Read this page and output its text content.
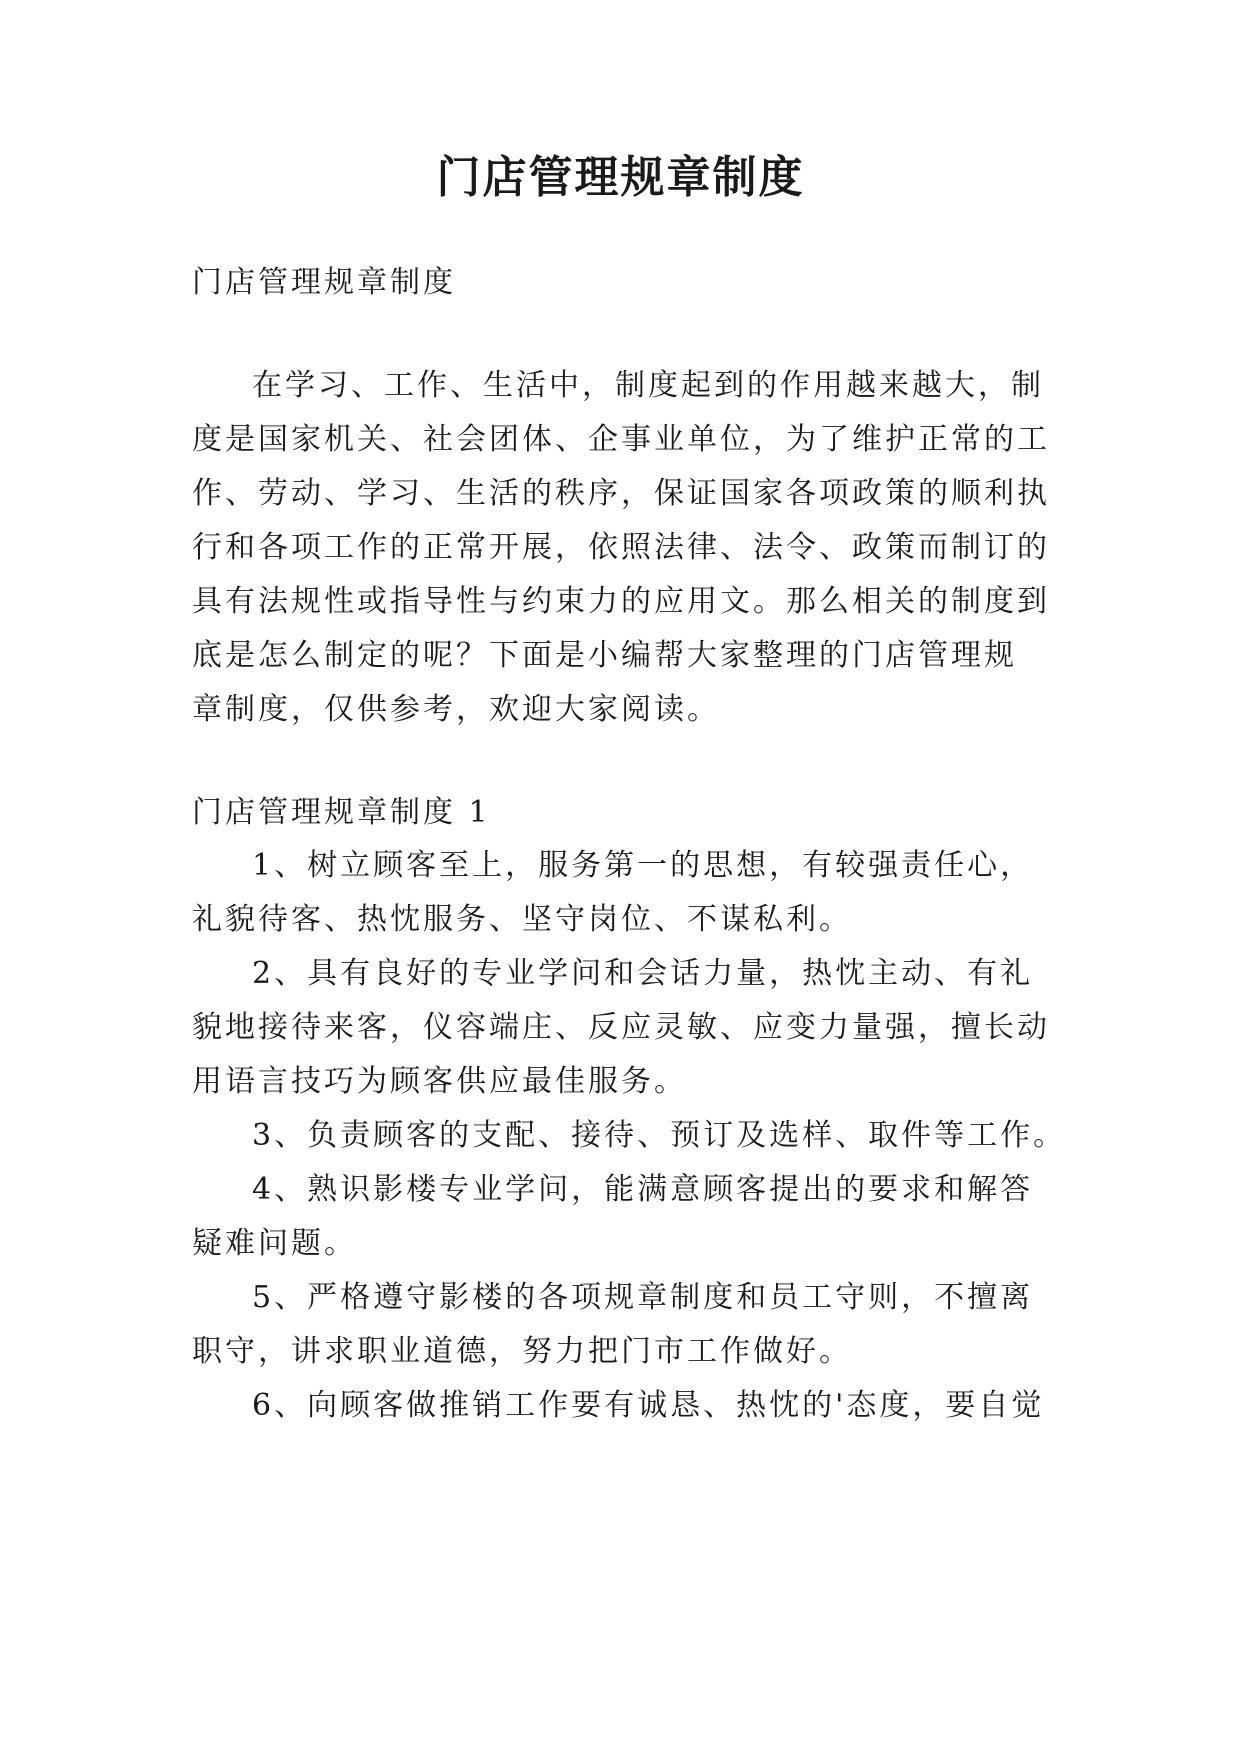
门店管理规章制度
门店管理规章制度
在学习、工作、生活中，制度起到的作用越来越大，制
度是国家机关、社会团体、企事业单位，为了维护正常的工
作、劳动、学习、生活的秩序，保证国家各项政策的顺利执
行和各项工作的正常开展，依照法律、法令、政策而制订的
具有法规性或指导性与约束力的应用文。那么相关的制度到
底是怎么制定的呢？下面是小编帮大家整理的门店管理规
章制度，仅供参考，欢迎大家阅读。
门店管理规章制度 1
1、树立顾客至上，服务第一的思想，有较强责任心，
礼貌待客、热忱服务、坚守岗位、不谋私利。
2、具有良好的专业学问和会话力量，热忱主动、有礼
貌地接待来客，仪容端庄、反应灵敏、应变力量强，擅长动
用语言技巧为顾客供应最佳服务。
3、负责顾客的支配、接待、预订及选样、取件等工作。
4、熟识影楼专业学问，能满意顾客提出的要求和解答
疑难问题。
5、严格遵守影楼的各项规章制度和员工守则，不擅离
职守，讲求职业道德，努力把门市工作做好。
6、向顾客做推销工作要有诚恳、热忱的'态度，要自觉
